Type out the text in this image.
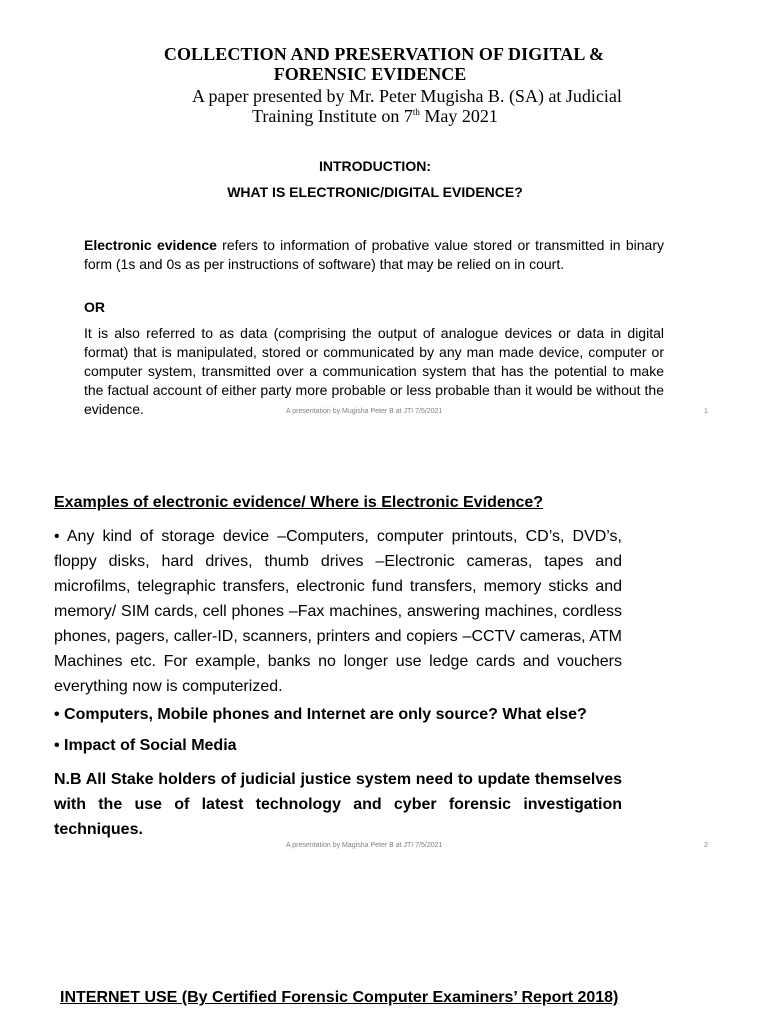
COLLECTION AND PRESERVATION OF DIGITAL &
FORENSIC EVIDENCE
A paper presented by Mr. Peter Mugisha B. (SA) at Judicial
Training Institute on 7th May 2021
INTRODUCTION:
WHAT IS ELECTRONIC/DIGITAL EVIDENCE?
Electronic evidence refers to information of probative value stored or transmitted in binary form (1s and 0s as per instructions of software) that may be relied on in court.
OR
It is also referred to as data (comprising the output of analogue devices or data in digital format) that is manipulated, stored or communicated by any man made device, computer or computer system, transmitted over a communication system that has the potential to make the factual account of either party more probable or less probable than it would be without the evidence.	A presentation by Mugisha Peter B at JTI 7/5/2021	1
Examples of electronic evidence/ Where is Electronic Evidence?
• Any kind of storage device –Computers, computer printouts, CD’s, DVD’s, floppy disks, hard drives, thumb drives –Electronic cameras, tapes and microfilms, telegraphic transfers, electronic fund transfers, memory sticks and memory/ SIM cards, cell phones –Fax machines, answering machines, cordless phones, pagers, caller-ID, scanners, printers and copiers –CCTV cameras, ATM Machines etc. For example, banks no longer use ledge cards and vouchers everything now is computerized.
• Computers, Mobile phones and Internet are only source? What else?
• Impact of Social Media
N.B All Stake holders of judicial justice system need to update themselves with the use of latest technology and cyber forensic investigation techniques.
A presentation by Magisha Peter B at JTI 7/5/2021	2
INTERNET USE (By Certified Forensic Computer Examiners’ Report 2018)
